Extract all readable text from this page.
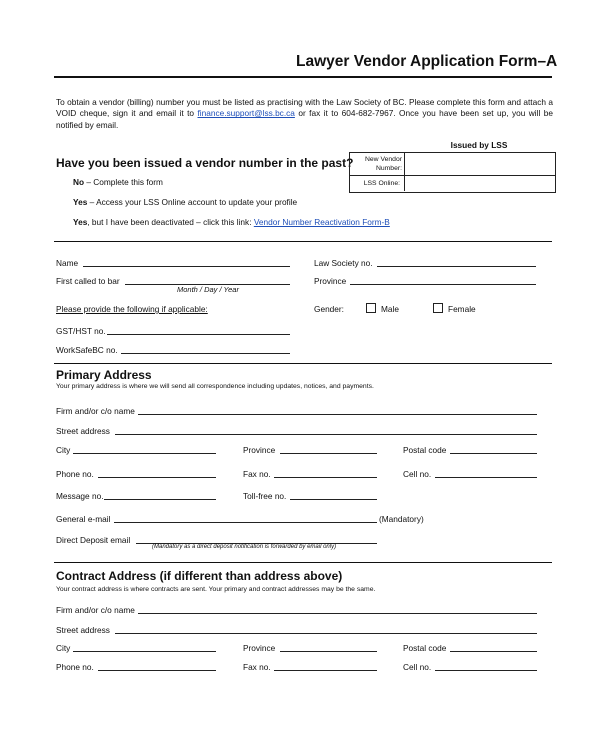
Lawyer Vendor Application Form–A
To obtain a vendor (billing) number you must be listed as practising with the Law Society of BC. Please complete this form and attach a VOID cheque, sign it and email it to finance.support@lss.bc.ca or fax it to 604-682-7967. Once you have been set up, you will be notified by email.
Have you been issued a vendor number in the past?
No – Complete this form
Yes – Access your LSS Online account to update your profile
Yes, but I have been deactivated – click this link: Vendor Number Reactivation Form-B
Issued by LSS
New Vendor
Number:
LSS Online:
Name
First called to bar
Month / Day / Year
Law Society no.
Province
Please provide the following if applicable:	Gender:	Male	Female
GST/HST no.
WorkSafeBC no.
Primary Address
Your primary address is where we will send all correspondence including updates, notices, and payments.
Firm and/or c/o name
Street address
City	Province	Postal code
Phone no.	Fax no.	Cell no.
Message no.	Toll-free no.
General e-mail	(Mandatory)
Direct Deposit email
(Mandatory as a direct deposit notification is forwarded by email only)
Contract Address (if different than address above)
Your contract address is where contracts are sent. Your primary and contract addresses may be the same.
Firm and/or c/o name
Street address
City	Province	Postal code
Phone no.	Fax no.	Cell no.
